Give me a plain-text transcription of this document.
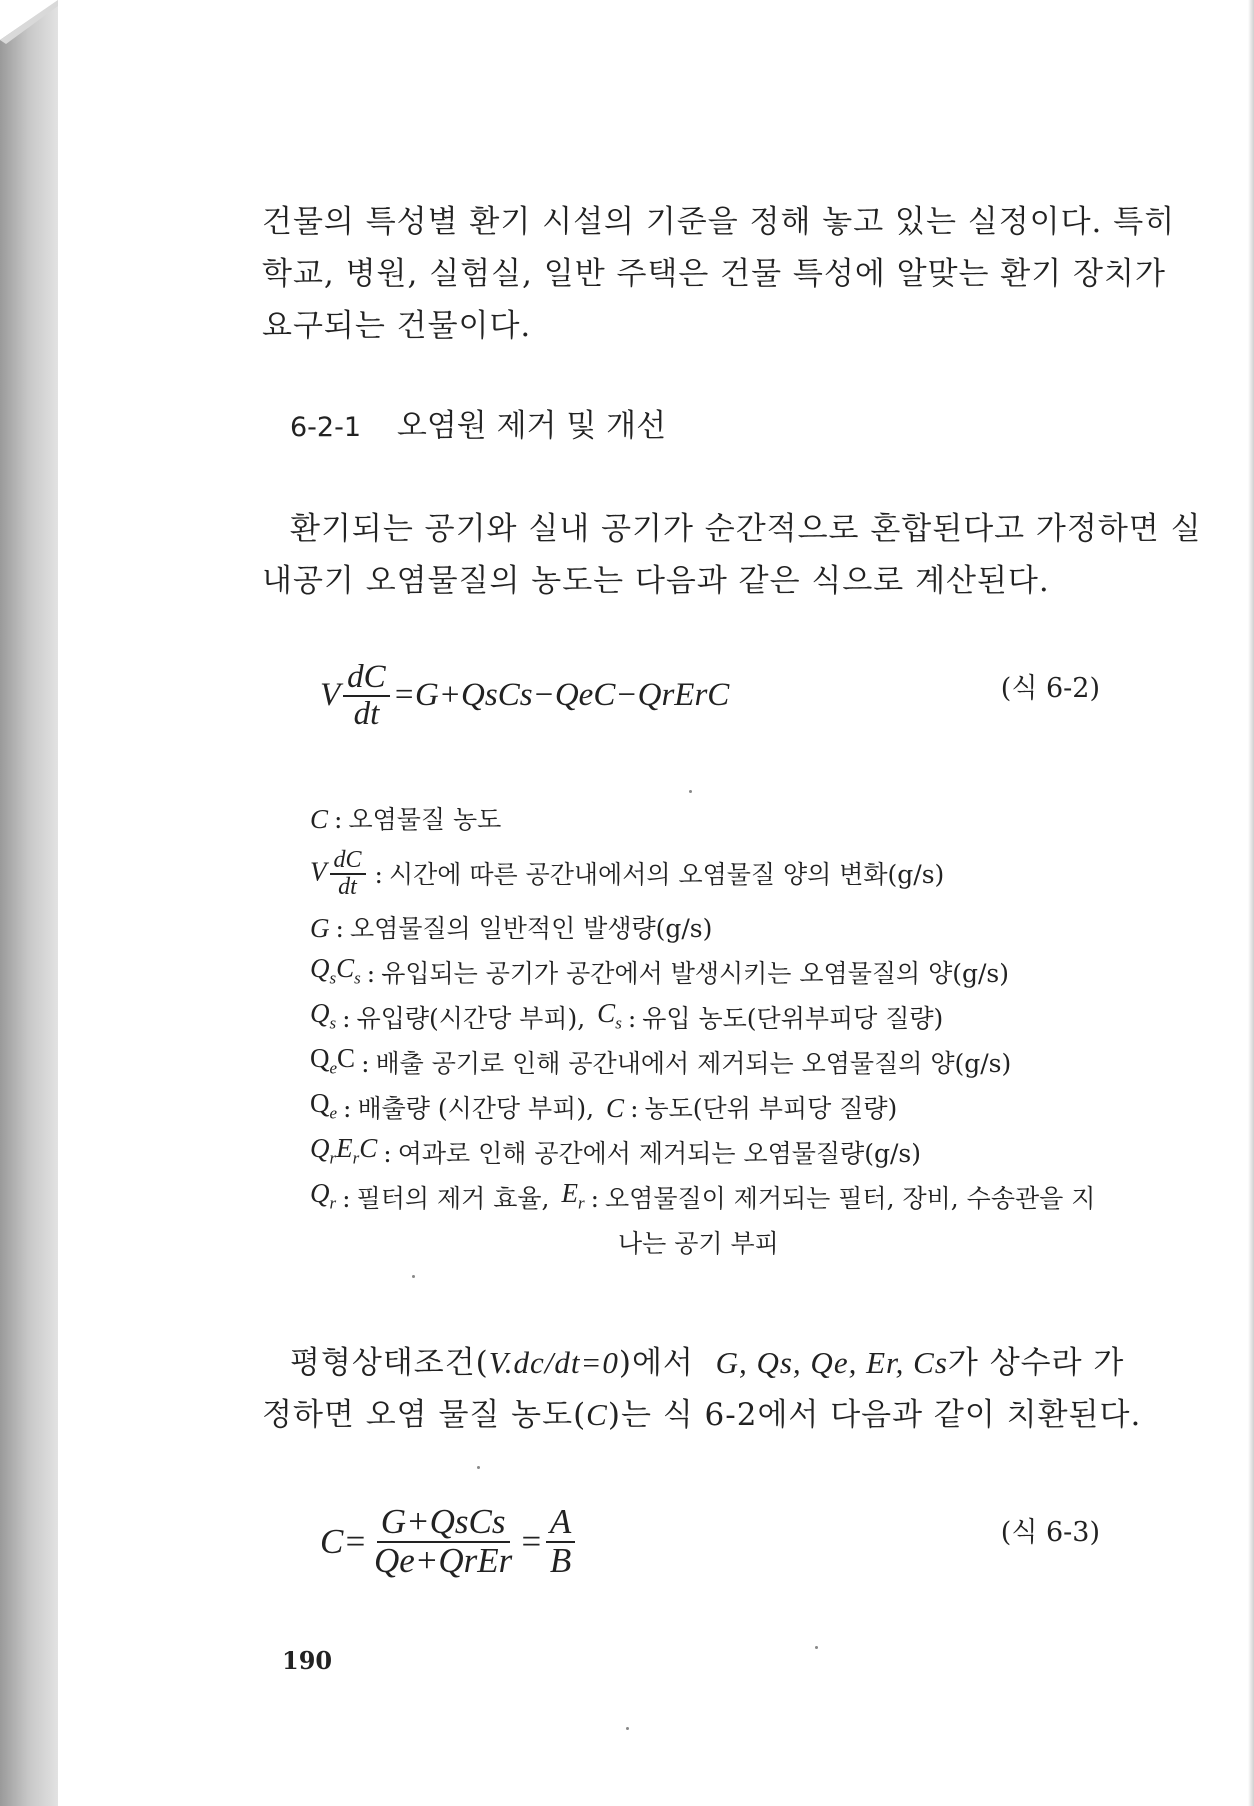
건물의 특성별 환기 시설의 기준을 정해 놓고 있는 실정이다. 특히
학교, 병원, 실험실, 일반 주택은 건물 특성에 알맞는 환기 장치가
요구되는 건물이다.

6-2-1 오염원 제거 및 개선

환기되는 공기와 실내 공기가 순간적으로 혼합된다고 가정하면 실
내공기 오염물질의 농도는 다음과 같은 식으로 계산된다.

V $\frac{dC}{dt}$ =G+QsCs−QeC−QrErC	(식 6-2)
C : 오염물질 농도
V $\frac{dC}{dt}$ : 시간에 따른 공간내에서의 오염물질 양의 변화(g/s)
G : 오염물질의 일반적인 발생량(g/s)
$Q_sC_s$ : 유입되는 공기가 공간에서 발생시키는 오염물질의 양(g/s)
$Q_s$ : 유입량(시간당 부피), $C_s$ : 유입 농도(단위부피당 질량)
$Q_eC$ : 배출 공기로 인해 공간내에서 제거되는 오염물질의 양(g/s)
$Q_e$ : 배출량 (시간당 부피), C : 농도(단위 부피당 질량)
$Q_rE_rC$ : 여과로 인해 공간에서 제거되는 오염물질량(g/s)
$Q_r$ : 필터의 제거 효율, $E_r$ : 오염물질이 제거되는 필터, 장비, 수송관을 지
나는 공기 부피

평형상태조건(V.dc/dt=0)에서 G, Qs, Qe, Er, Cs가 상수라 가
정하면 오염 물질 농도(C)는 식 6-2에서 다음과 같이 치환된다.

$C= \frac{\text{G+QsCs}}{\text{Qe+QrEr}} = \frac{A}{B}$	(식 6-3)
190
